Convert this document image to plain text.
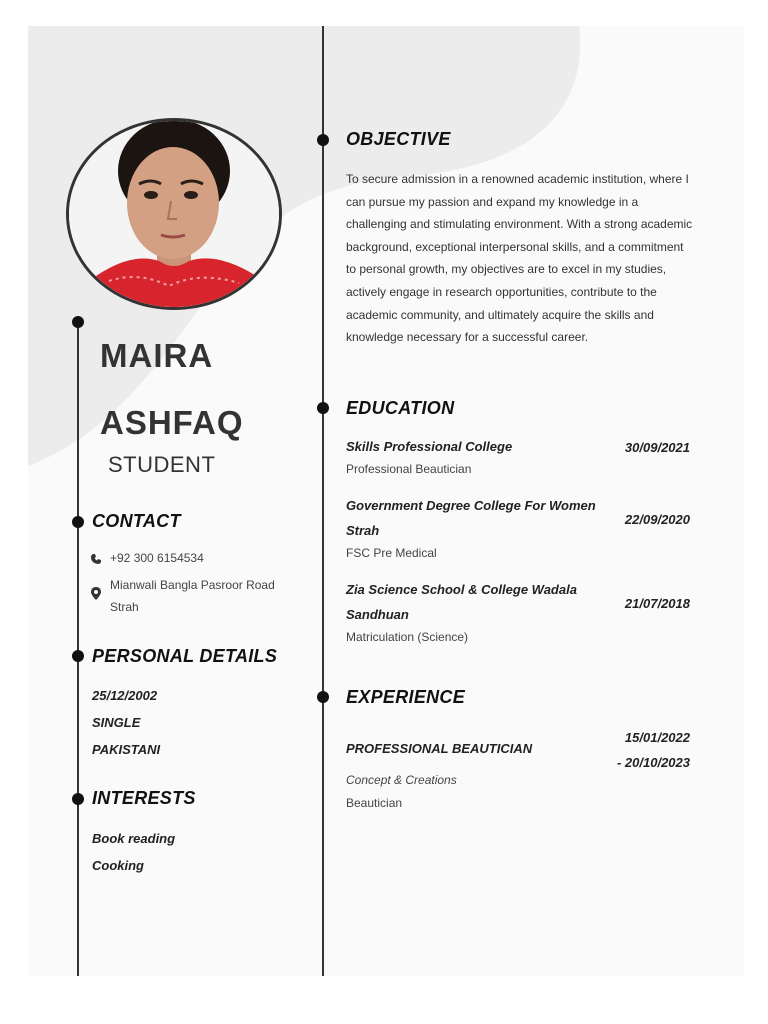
MAIRA
ASHFAQ
STUDENT
CONTACT
+92 300 6154534
Mianwali Bangla Pasroor Road
Strah
PERSONAL DETAILS
25/12/2002
SINGLE
PAKISTANI
INTERESTS
Book reading
Cooking
OBJECTIVE
To secure admission in a renowned academic institution, where I can pursue my passion and expand my knowledge in a challenging and stimulating environment. With a strong academic background, exceptional interpersonal skills, and a commitment to personal growth, my objectives are to excel in my studies, actively engage in research opportunities, contribute to the academic community, and ultimately acquire the skills and knowledge necessary for a successful career.
EDUCATION
Skills Professional College	30/09/2021
Professional Beautician
Government Degree College For Women Strah
22/09/2020
FSC Pre Medical
Zia Science School & College Wadala Sandhuan
21/07/2018
Matriculation (Science)
EXPERIENCE
PROFESSIONAL BEAUTICIAN
15/01/2022
- 20/10/2023
Concept & Creations
Beautician
